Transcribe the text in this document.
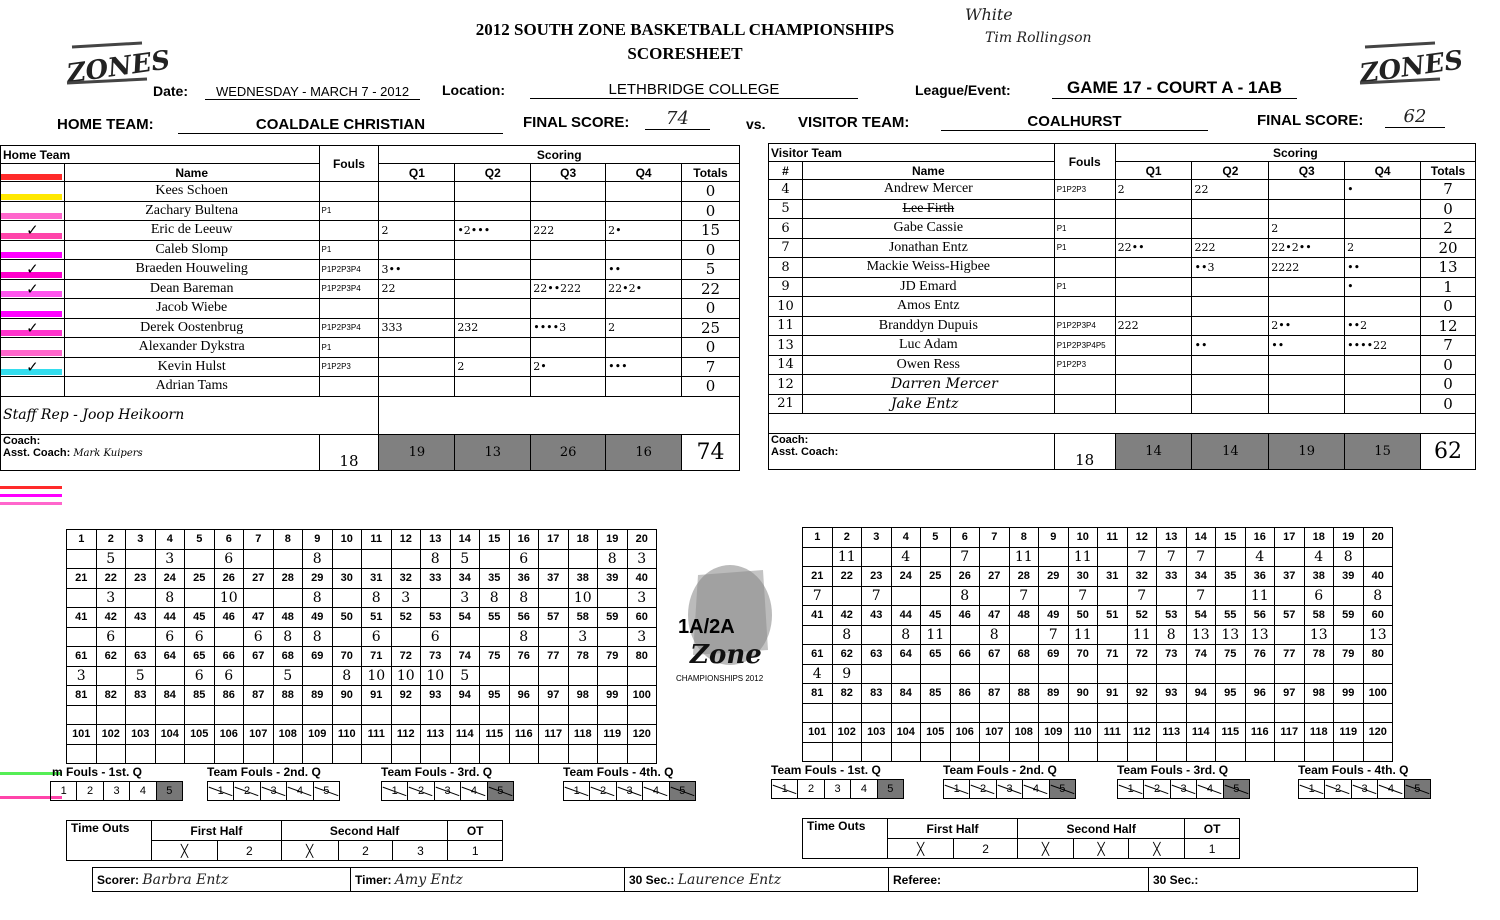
2012 SOUTH ZONE BASKETBALL CHAMPIONSHIPS
SCORESHEET
White
Tim Rollingson
ZONES	ZONES
Date:	WEDNESDAY - MARCH 7 - 2012	Location:	LETHBRIDGE COLLEGE	League/Event:	GAME 17 - COURT A - 1AB
HOME TEAM:	COALDALE CHRISTIAN	FINAL SCORE:	74	vs. VISITOR TEAM:	COALHURST	FINAL SCORE:	62
Home Team		Fouls	Scoring				
	Name		Q1	Q2	Q3	Q4	Totals
	Kees Schoen						0
	Zachary Bultena	P1					0
✓	Eric de Leeuw		2	•2•••	222	2•	15
	Caleb Slomp	P1					0
✓	Braeden Houweling	P1P2P3P4	3••			••	5
✓	Dean Bareman	P1P2P3P4	22		22••222	22•2•	22
	Jacob Wiebe						0
✓	Derek Oostenbrug	P1P2P3P4	333	232	••••3	2	25
	Alexander Dykstra	P1					0
✓	Kevin Hulst	P1P2P3		2	2•	•••	7
	Adrian Tams						0
Staff Rep - Joop Heikoorn							
Coach:
Asst. Coach: Mark Kuipers		18	19	13	26	16	74
Visitor Team		Fouls	Scoring				
#	Name		Q1	Q2	Q3	Q4	Totals
4	Andrew Mercer	P1P2P3	2	22		•	7
5	Lee Firth						0
6	Gabe Cassie	P1			2		2
7	Jonathan Entz	P1	22••	222	22•2••	2	20
8	Mackie Weiss-Higbee			••3	2222	••	13
9	JD Emard	P1				•	1
10	Amos Entz						0
11	Branddyn Dupuis	P1P2P3P4	222		2••	••2	12
13	Luc Adam	P1P2P3P4P5		••	••	••••22	7
14	Owen Ress	P1P2P3					0
12	Darren Mercer						0
21	Jake Entz						0

Coach:
Asst. Coach:		18	14	14	19	15	62
1	2	3	4	5	6	7	8	9	10	11	12	13	14	15	16	17	18	19	20
	5		3		6			8				8	5		6			8	3
21	22	23	24	25	26	27	28	29	30	31	32	33	34	35	36	37	38	39	40
	3		8		10			8		8	3		3	8	8		10		3
41	42	43	44	45	46	47	48	49	50	51	52	53	54	55	56	57	58	59	60
	6		6	6		6	8	8		6		6			8		3		3
61	62	63	64	65	66	67	68	69	70	71	72	73	74	75	76	77	78	79	80
3		5		6	6		5		8	10	10	10	5						
81	82	83	84	85	86	87	88	89	90	91	92	93	94	95	96	97	98	99	100

101	102	103	104	105	106	107	108	109	110	111	112	113	114	115	116	117	118	119	120

1	2	3	4	5	6	7	8	9	10	11	12	13	14	15	16	17	18	19	20
	11		4		7		11		11		7	7	7		4		4	8	
21	22	23	24	25	26	27	28	29	30	31	32	33	34	35	36	37	38	39	40
7		7			8		7		7		7		7		11		6		8
41	42	43	44	45	46	47	48	49	50	51	52	53	54	55	56	57	58	59	60
	8		8	11		8		7	11		11	8	13	13	13		13		13
61	62	63	64	65	66	67	68	69	70	71	72	73	74	75	76	77	78	79	80
4	9																		
81	82	83	84	85	86	87	88	89	90	91	92	93	94	95	96	97	98	99	100

101	102	103	104	105	106	107	108	109	110	111	112	113	114	115	116	117	118	119	120

1A/2A
Zone
CHAMPIONSHIPS 2012
m Fouls - 1st. Q
1	2	3	4	5
Team Fouls - 2nd. Q
1	2	3	4	5
Team Fouls - 3rd. Q
1	2	3	4	5
Team Fouls - 4th. Q
1	2	3	4	5
Team Fouls - 1st. Q
1	2	3	4	5
Team Fouls - 2nd. Q
1	2	3	4	5
Team Fouls - 3rd. Q
1	2	3	4	5
Team Fouls - 4th. Q
1	2	3	4	5
Time Outs	First Half		Second Half			OT
	╳	2	╳	2	3	1
Time Outs	First Half		Second Half			OT
	╳	2	╳	╳	╳	1
Scorer: Barbra Entz	Timer: Amy Entz	30 Sec.: Laurence Entz	Referee:	30 Sec.:
